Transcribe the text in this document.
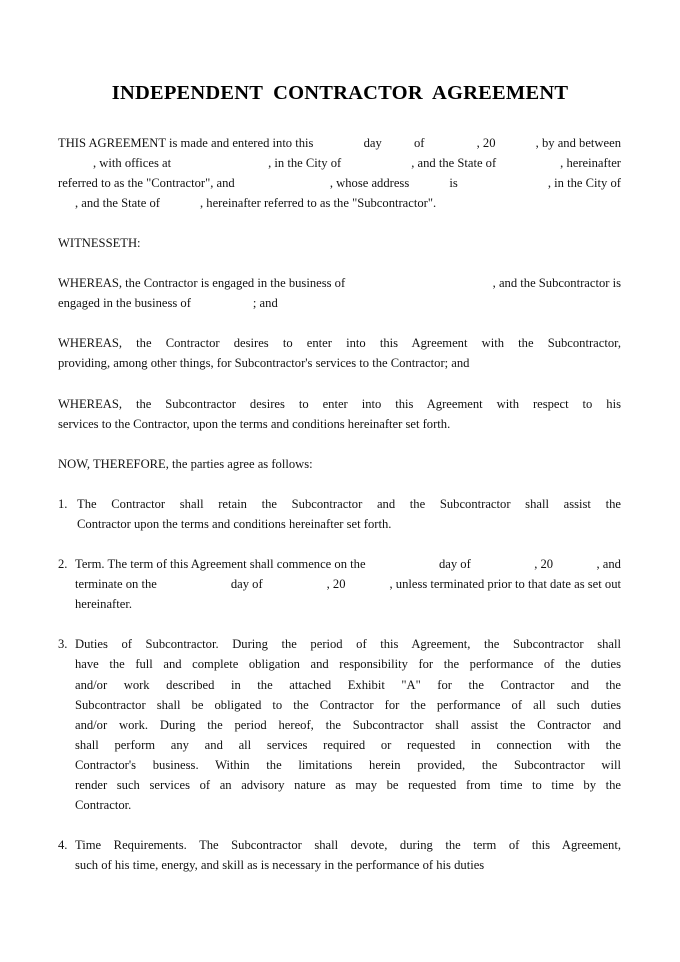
INDEPENDENT CONTRACTOR AGREEMENT
THIS AGREEMENT is made and entered into this	day	of	, 20	, by and between
, with offices at	, in the City of	, and the State of	, hereinafter
referred to as the "Contractor", and	, whose address	is	, in the City of
, and the State of	, hereinafter referred to as the "Subcontractor".
WITNESSETH:
WHEREAS, the Contractor is engaged in the business of	, and the Subcontractor is
engaged in the business of	; and
WHEREAS, the Contractor desires to enter into this Agreement with the Subcontractor,
providing, among other things, for Subcontractor's services to the Contractor; and
WHEREAS, the Subcontractor desires to enter into this Agreement with respect to his
services to the Contractor, upon the terms and conditions hereinafter set forth.
NOW, THEREFORE, the parties agree as follows:
1. The Contractor shall retain the Subcontractor and the Subcontractor shall assist the
Contractor upon the terms and conditions hereinafter set forth.
2. Term. The term of this Agreement shall commence on the	day of	, 20	, and
terminate on the	day of	, 20	, unless terminated prior to that date as set out
hereinafter.
3. Duties of Subcontractor. During the period of this Agreement, the Subcontractor shall
have the full and complete obligation and responsibility for the performance of the duties
and/or work described in the attached Exhibit "A" for the Contractor and the
Subcontractor shall be obligated to the Contractor for the performance of all such duties
and/or work. During the period hereof, the Subcontractor shall assist the Contractor and
shall perform any and all services required or requested in connection with the
Contractor's business. Within the limitations herein provided, the Subcontractor will
render such services of an advisory nature as may be requested from time to time by the
Contractor.
4. Time Requirements. The Subcontractor shall devote, during the term of this Agreement,
such of his time, energy, and skill as is necessary in the performance of his duties
